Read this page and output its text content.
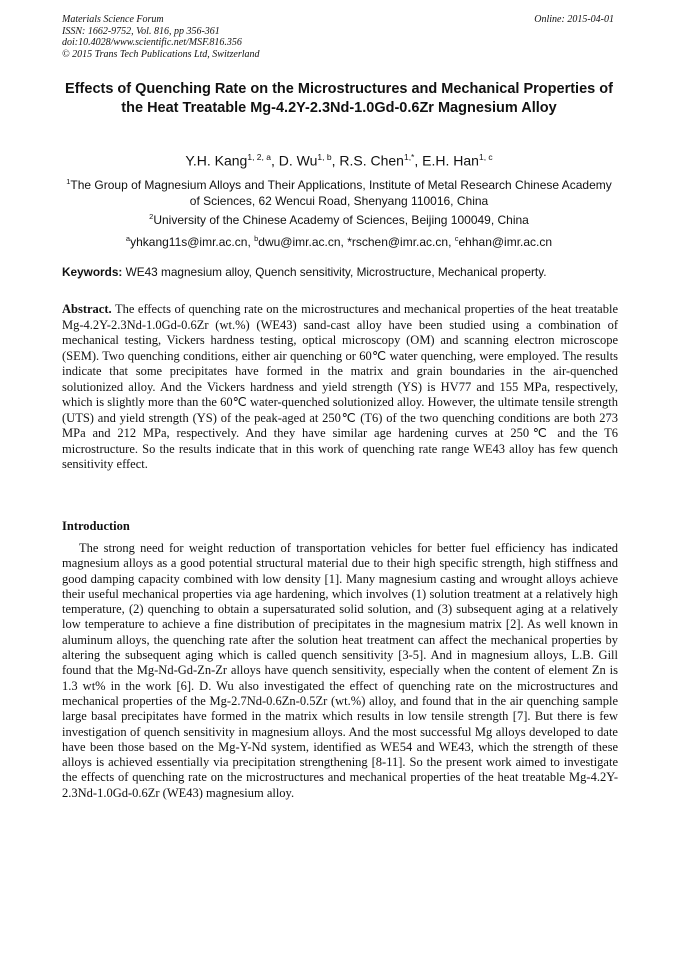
Materials Science Forum
ISSN: 1662-9752, Vol. 816, pp 356-361
doi:10.4028/www.scientific.net/MSF.816.356
© 2015 Trans Tech Publications Ltd, Switzerland
Online: 2015-04-01
Effects of Quenching Rate on the Microstructures and Mechanical Properties of the Heat Treatable Mg-4.2Y-2.3Nd-1.0Gd-0.6Zr Magnesium Alloy
Y.H. Kang$^{1, 2, a}$, D. Wu$^{1, b}$, R.S. Chen$^{1,*}$, E.H. Han$^{1, c}$
$^1$The Group of Magnesium Alloys and Their Applications, Institute of Metal Research Chinese Academy of Sciences, 62 Wencui Road, Shenyang 110016, China
$^2$University of the Chinese Academy of Sciences, Beijing 100049, China
$^a$yhkang11s@imr.ac.cn, $^b$dwu@imr.ac.cn, *rschen@imr.ac.cn, $^c$ehhan@imr.ac.cn
Keywords: WE43 magnesium alloy, Quench sensitivity, Microstructure, Mechanical property.
Abstract. The effects of quenching rate on the microstructures and mechanical properties of the heat treatable Mg-4.2Y-2.3Nd-1.0Gd-0.6Zr (wt.%) (WE43) sand-cast alloy have been studied using a combination of mechanical testing, Vickers hardness testing, optical microscopy (OM) and scanning electron microscope (SEM). Two quenching conditions, either air quenching or 60℃ water quenching, were employed. The results indicate that some precipitates have formed in the matrix and grain boundaries in the air-quenched solutionized alloy. And the Vickers hardness and yield strength (YS) is HV77 and 155 MPa, respectively, which is slightly more than the 60℃ water-quenched solutionized alloy. However, the ultimate tensile strength (UTS) and yield strength (YS) of the peak-aged at 250℃ (T6) of the two quenching conditions are both 273 MPa and 212 MPa, respectively. And they have similar age hardening curves at 250℃ and the T6 microstructure. So the results indicate that in this work of quenching rate range WE43 alloy has few quench sensitivity effect.
Introduction
The strong need for weight reduction of transportation vehicles for better fuel efficiency has indicated magnesium alloys as a good potential structural material due to their high specific strength, high stiffness and good damping capacity combined with low density [1]. Many magnesium casting and wrought alloys achieve their useful mechanical properties via age hardening, which involves (1) solution treatment at a relatively high temperature, (2) quenching to obtain a supersaturated solid solution, and (3) subsequent aging at a relatively low temperature to achieve a fine distribution of precipitates in the magnesium matrix [2]. As well known in aluminum alloys, the quenching rate after the solution heat treatment can affect the mechanical properties by altering the subsequent aging which is called quench sensitivity [3-5]. And in magnesium alloys, L.B. Gill found that the Mg-Nd-Gd-Zn-Zr alloys have quench sensitivity, especially when the content of element Zn is 1.3 wt% in the work [6]. D. Wu also investigated the effect of quenching rate on the microstructures and mechanical properties of the Mg-2.7Nd-0.6Zn-0.5Zr (wt.%) alloy, and found that in the air quenching sample large basal precipitates have formed in the matrix which results in low tensile strength [7]. But there is few investigation of quench sensitivity in magnesium alloys. And the most successful Mg alloys developed to date have been those based on the Mg-Y-Nd system, identified as WE54 and WE43, which the strength of these alloys is achieved essentially via precipitation strengthening [8-11]. So the present work aimed to investigate the effects of quenching rate on the microstructures and mechanical properties of the heat treatable Mg-4.2Y-2.3Nd-1.0Gd-0.6Zr (WE43) magnesium alloy.
